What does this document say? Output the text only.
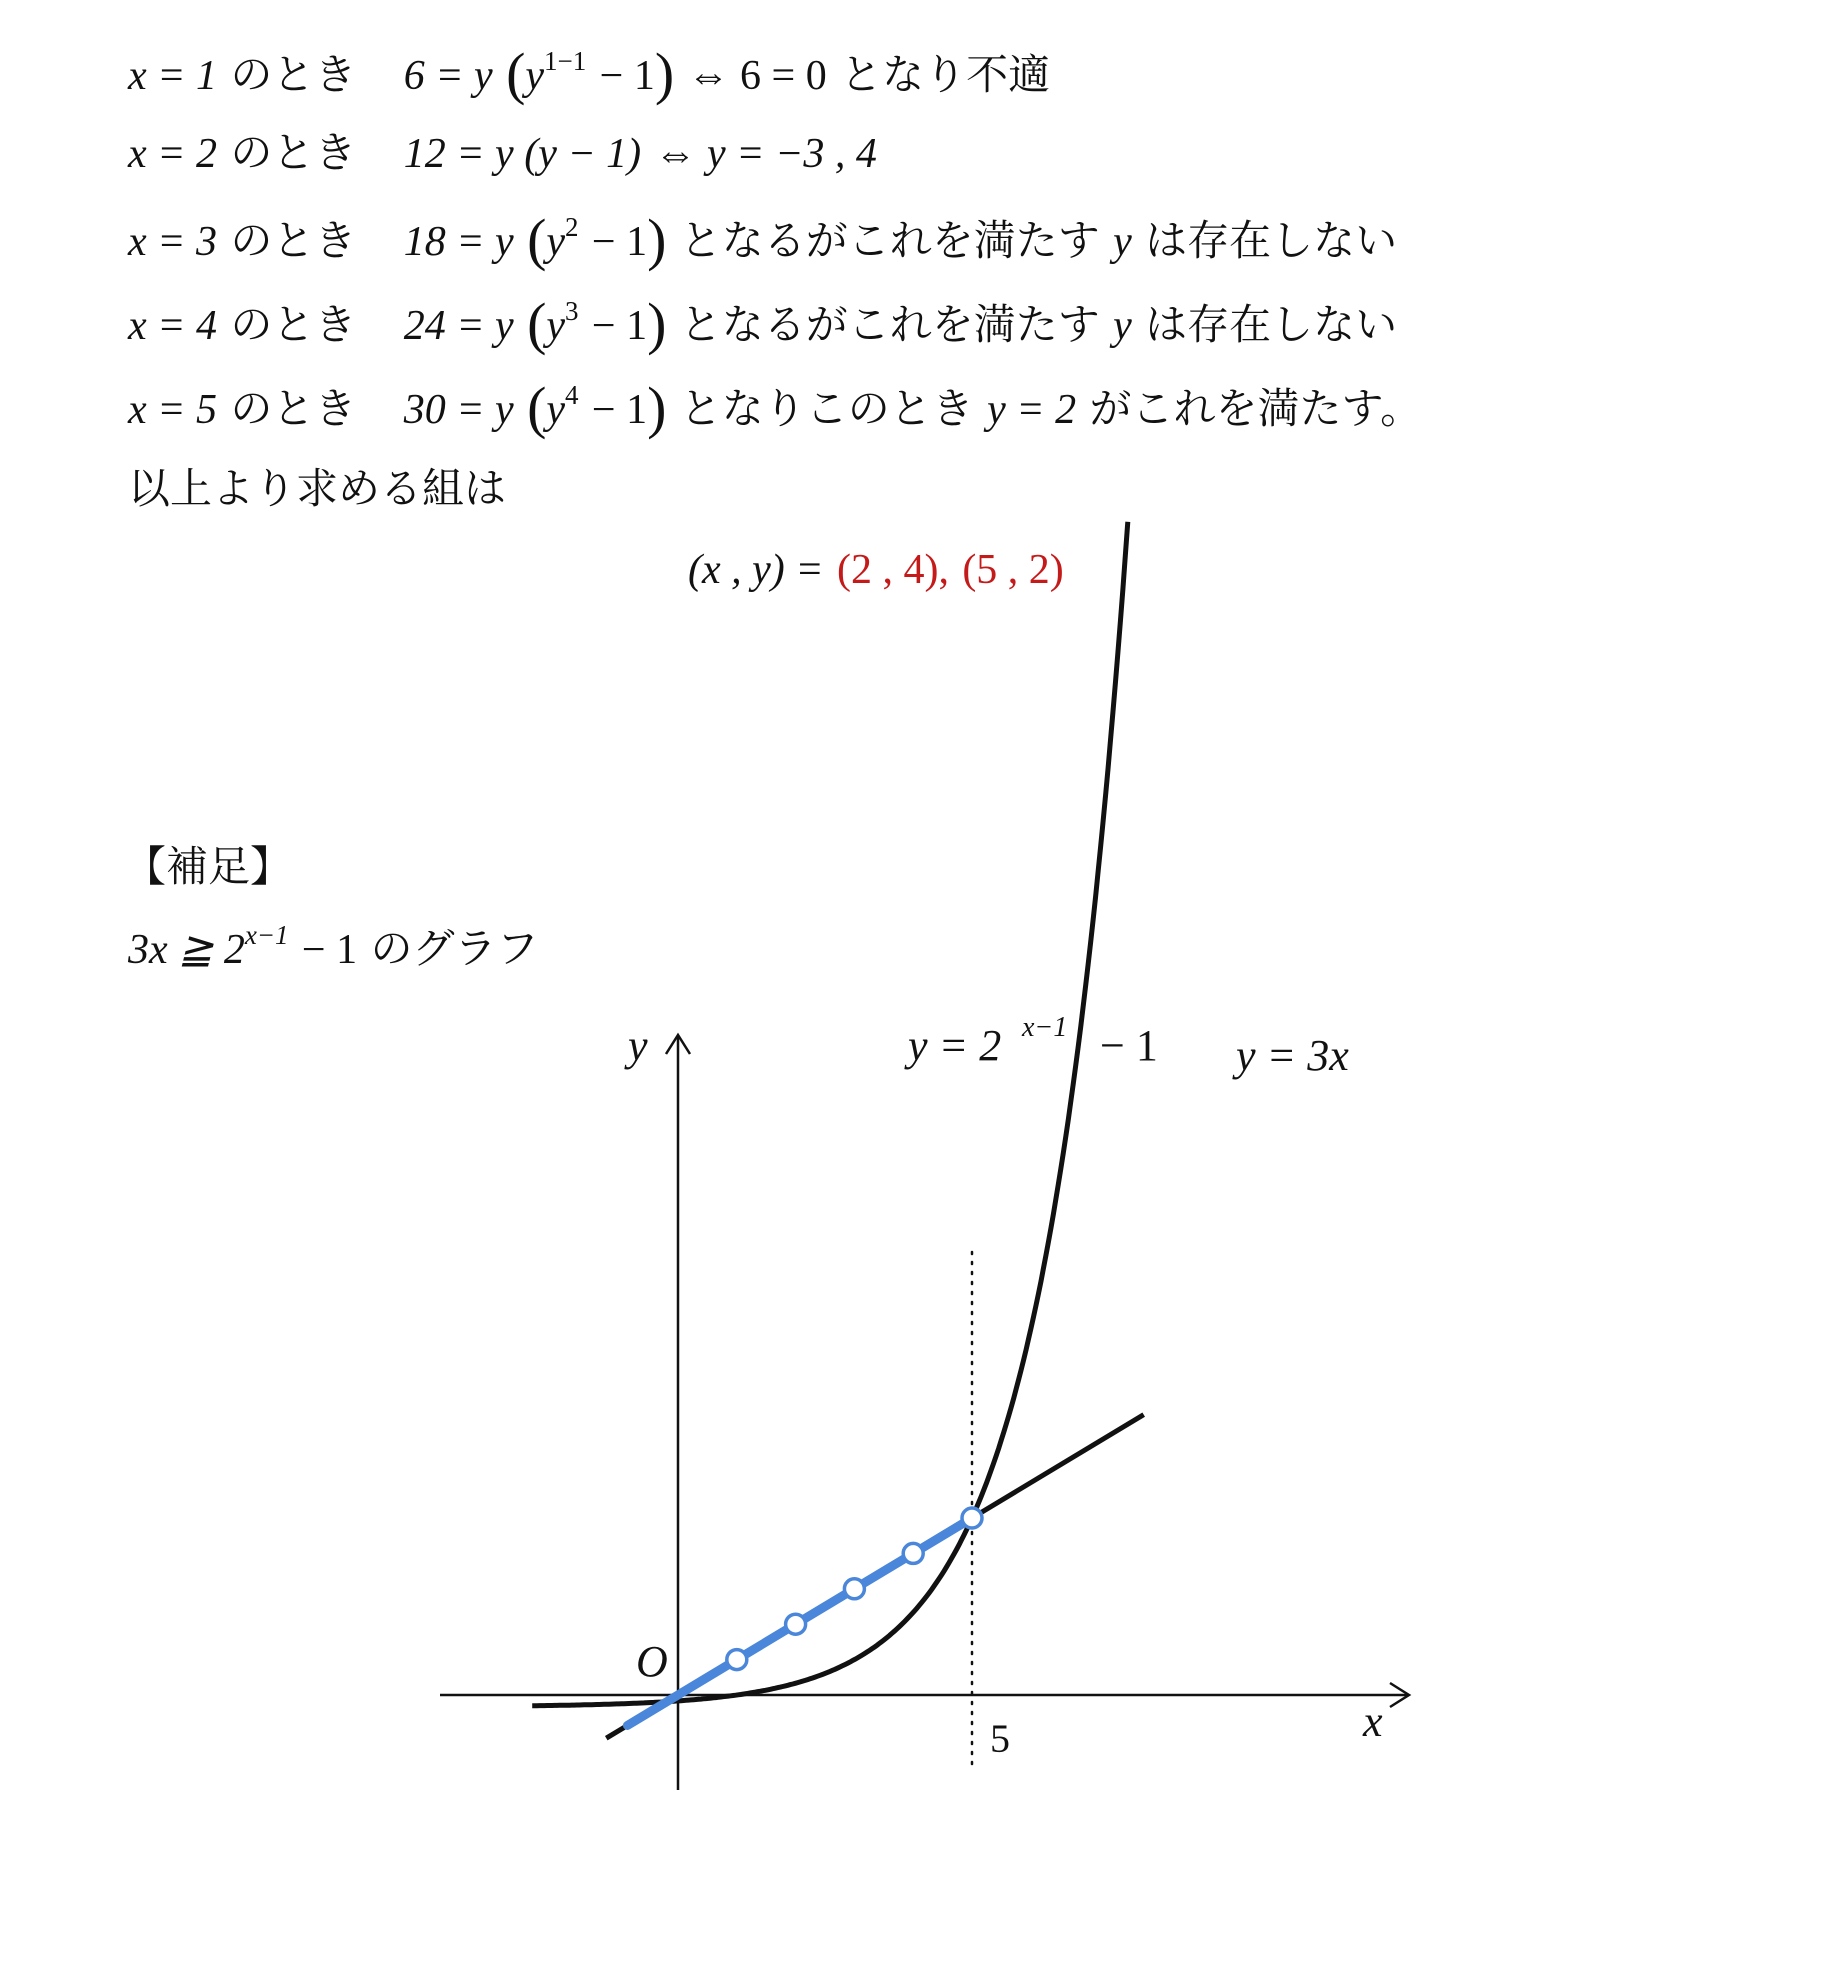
x = 1 のとき 6 = y $(y^{1-1} - 1)$ ⇔ 6 = 0 となり不適
x = 2 のとき 12 = y (y − 1) ⇔ y = −3 , 4
x = 3 のとき 18 = y $(y^2 - 1)$ となるがこれを満たす y は存在しない
x = 4 のとき 24 = y $(y^3 - 1)$ となるがこれを満たす y は存在しない
x = 5 のとき 30 = y $(y^4 - 1)$ となりこのとき y = 2 がこれを満たす。
以上より求める組は
(x , y) = (2 , 4), (5 , 2)
【補足】
3x ≧ $2^{x-1} - 1$ のグラフ
y
x
O
5
y = 2 x−1 − 1 y = 3x
